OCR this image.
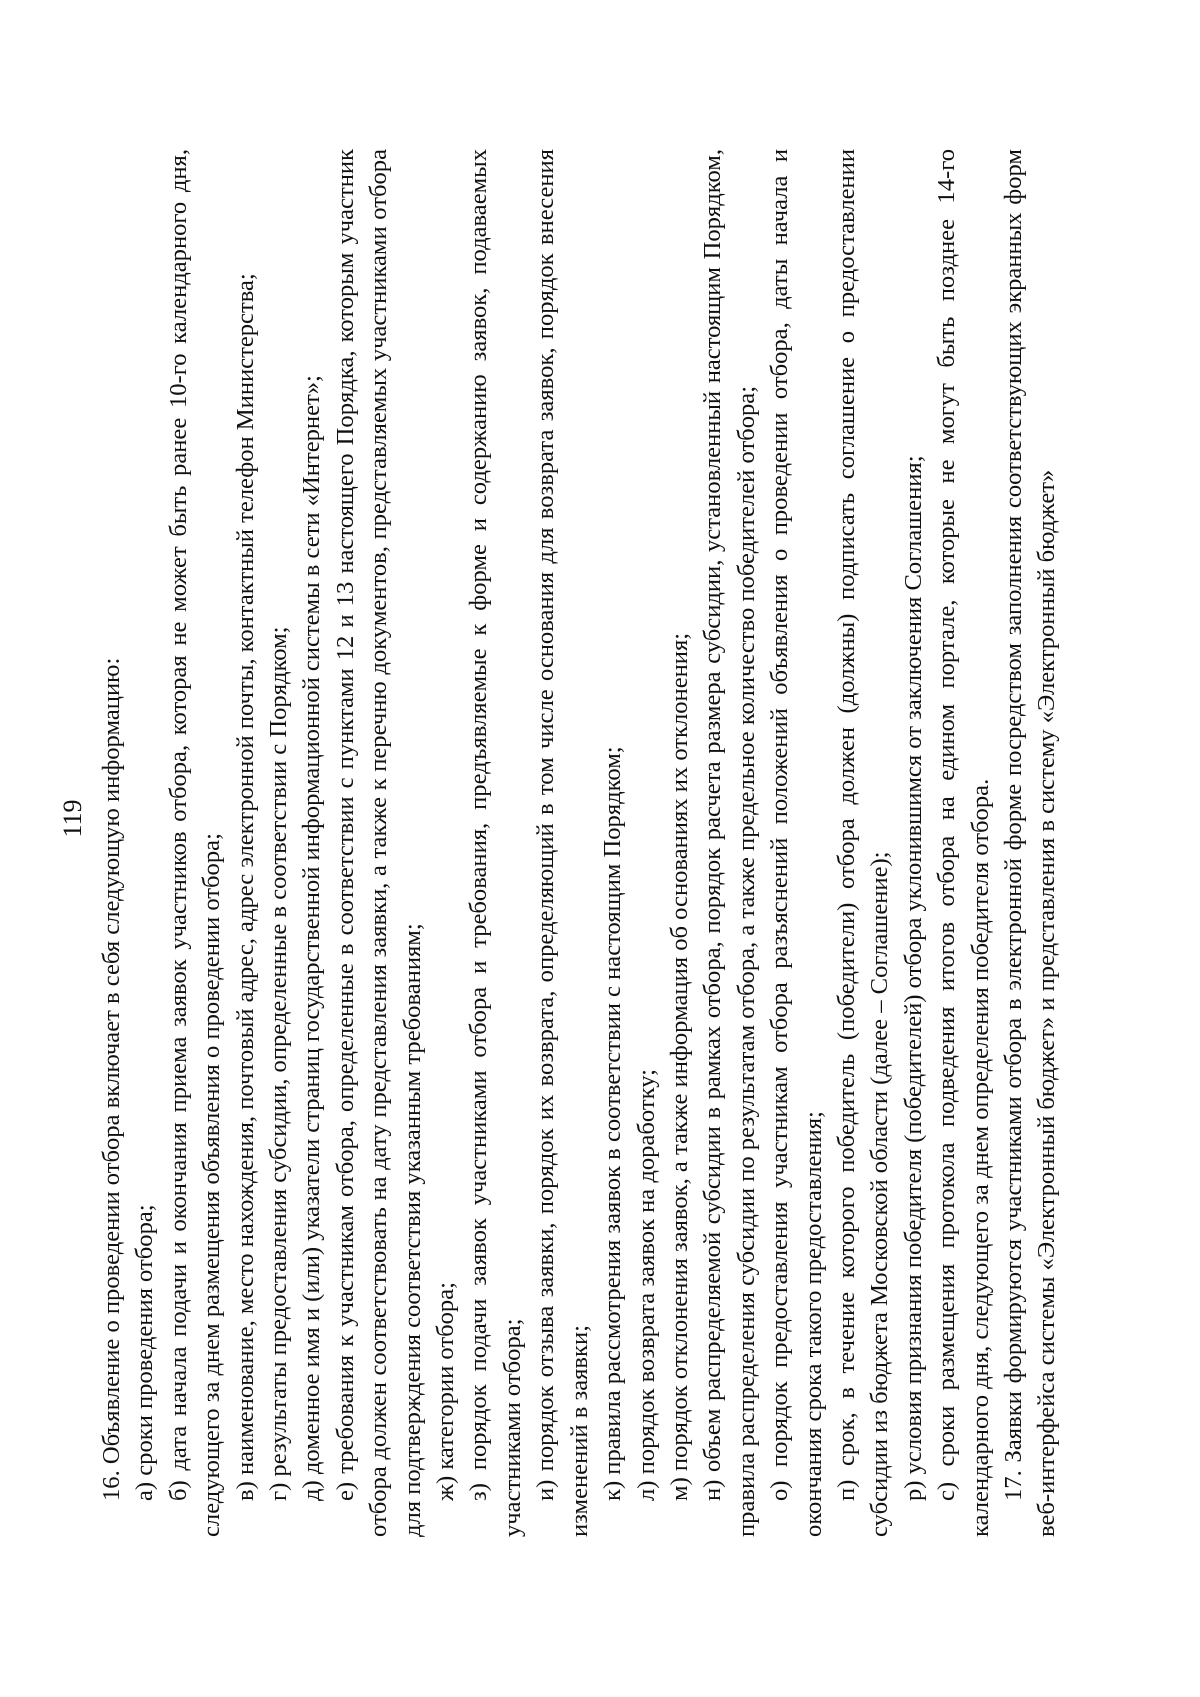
119 16. Объявление о проведении отбора включает в себя следующую информацию: а) сроки проведения отбора; б) дата начала подачи и окончания приема заявок участников отбора, которая не может быть ранее 10-го календарного дня, следующего за днем размещения объявления о проведении отбора; в) наименование, место нахождения, почтовый адрес, адрес электронной почты, контактный телефон Министерства; г) результаты предоставления субсидии, определенные в соответствии с Порядком; д) доменное имя и (или) указатели страниц государственной информационной системы в сети «Интернет»; е) требования к участникам отбора, определенные в соответствии с пунктами 12 и 13 настоящего Порядка, которым участник отбора должен соответствовать на дату представления заявки, а также к перечню документов, представляемых участниками отбора для подтверждения соответствия указанным требованиям; ж) категории отбора; з) порядок подачи заявок участниками отбора и требования, предъявляемые к форме и содержанию заявок, подаваемых участниками отбора; и) порядок отзыва заявки, порядок их возврата, определяющий в том числе основания для возврата заявок, порядок внесения изменений в заявки; к) правила рассмотрения заявок в соответствии с настоящим Порядком; л) порядок возврата заявок на доработку; м) порядок отклонения заявок, а также информация об основаниях их отклонения; н) объем распределяемой субсидии в рамках отбора, порядок расчета размера субсидии, установленный настоящим Порядком, правила распределения субсидии по результатам отбора, а также предельное количество победителей отбора; о) порядок предоставления участникам отбора разъяснений положений объявления о проведении отбора, даты начала и окончания срока такого предоставления; п) срок, в течение которого победитель (победители) отбора должен (должны) подписать соглашение о предоставлении субсидии из бюджета Московской области (далее – Соглашение); р) условия признания победителя (победителей) отбора уклонившимся от заключения Соглашения; с) сроки размещения протокола подведения итогов отбора на едином портале, которые не могут быть позднее 14-го календарного дня, следующего за днем определения победителя отбора. 17. Заявки формируются участниками отбора в электронной форме посредством заполнения соответствующих экранных форм веб-интерфейса системы «Электронный бюджет» и представления в систему «Электронный бюджет»
